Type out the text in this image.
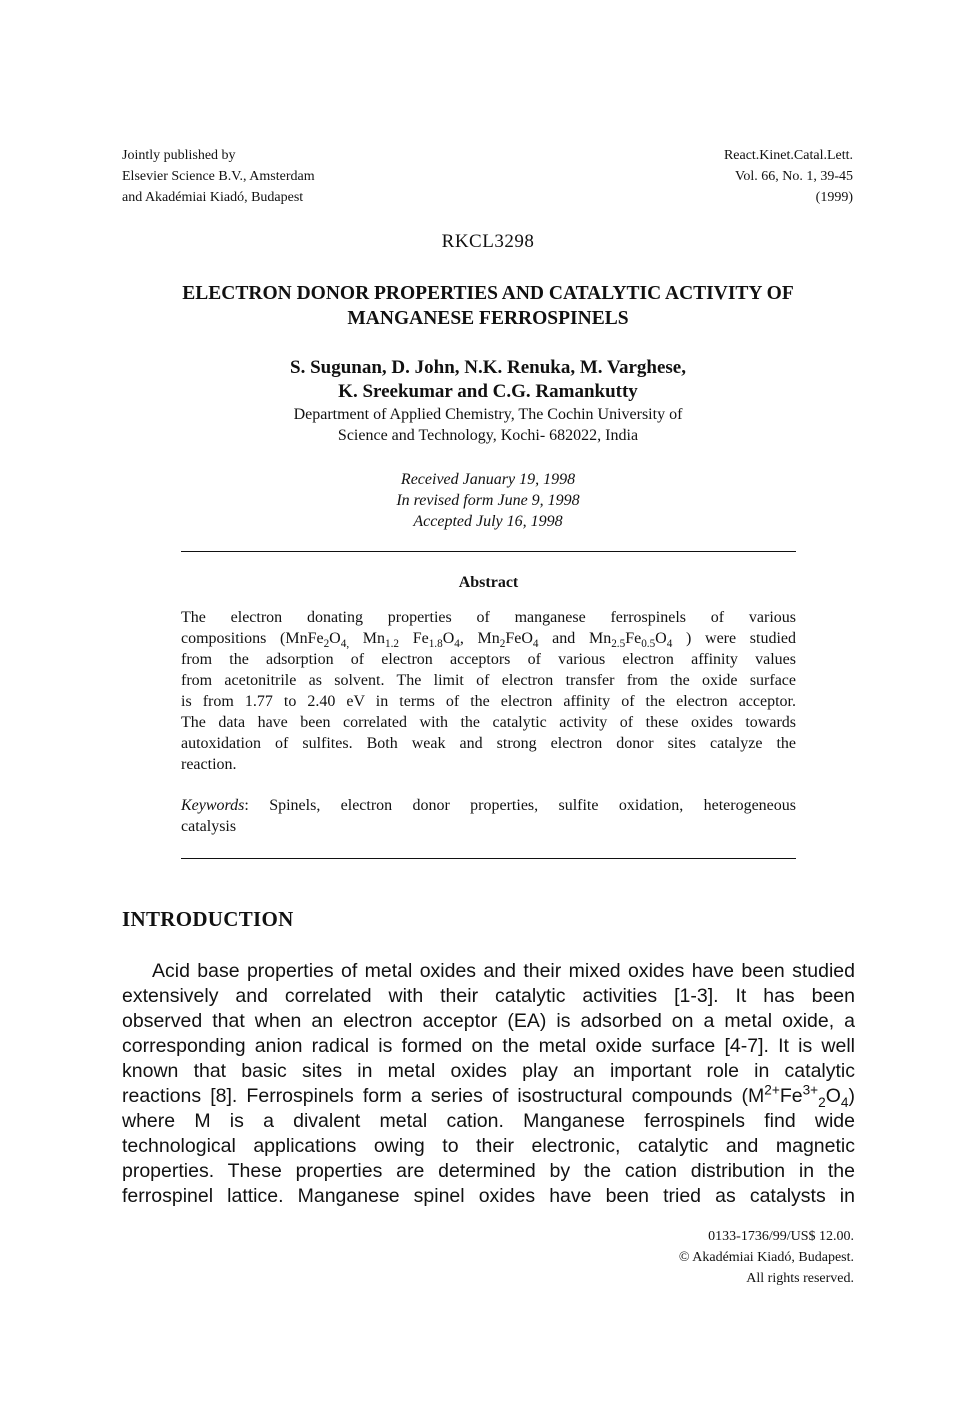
Jointly published by
Elsevier Science B.V., Amsterdam
and Akadémiai Kiadó, Budapest
React.Kinet.Catal.Lett.
Vol. 66, No. 1, 39-45
(1999)
RKCL3298
ELECTRON DONOR PROPERTIES AND CATALYTIC ACTIVITY OF
MANGANESE FERROSPINELS
S. Sugunan, D. John, N.K. Renuka, M. Varghese,
K. Sreekumar and C.G. Ramankutty
Department of Applied Chemistry, The Cochin University of
Science and Technology, Kochi- 682022, India
Received January 19, 1998
In revised form June 9, 1998
Accepted July 16, 1998
Abstract
The electron donating properties of manganese ferrospinels of various
compositions ($MnFe_2O_{4,}$ $Mn_{1.2}$ $Fe_{1.8}O_4$, $Mn_2FeO_4$ and $Mn_{2.5}Fe_{0.5}O_4$ ) were studied
from the adsorption of electron acceptors of various electron affinity values
from acetonitrile as solvent. The limit of electron transfer from the oxide surface
is from 1.77 to 2.40 eV in terms of the electron affinity of the electron acceptor.
The data have been correlated with the catalytic activity of these oxides towards
autoxidation of sulfites. Both weak and strong electron donor sites catalyze the
reaction.
Keywords: Spinels, electron donor properties, sulfite oxidation, heterogeneous
catalysis
INTRODUCTION
Acid base properties of metal oxides and their mixed oxides have been studied
extensively and correlated with their catalytic activities [1-3]. It has been
observed that when an electron acceptor (EA) is adsorbed on a metal oxide, a
corresponding anion radical is formed on the metal oxide surface [4-7]. It is well
known that basic sites in metal oxides play an important role in catalytic
reactions [8]. Ferrospinels form a series of isostructural compounds $(M^{2+}Fe^{3+}_2O_4)$
where M is a divalent metal cation. Manganese ferrospinels find wide
technological applications owing to their electronic, catalytic and magnetic
properties. These properties are determined by the cation distribution in the
ferrospinel lattice. Manganese spinel oxides have been tried as catalysts in
0133-1736/99/US$ 12.00.
© Akadémiai Kiadó, Budapest.
All rights reserved.
